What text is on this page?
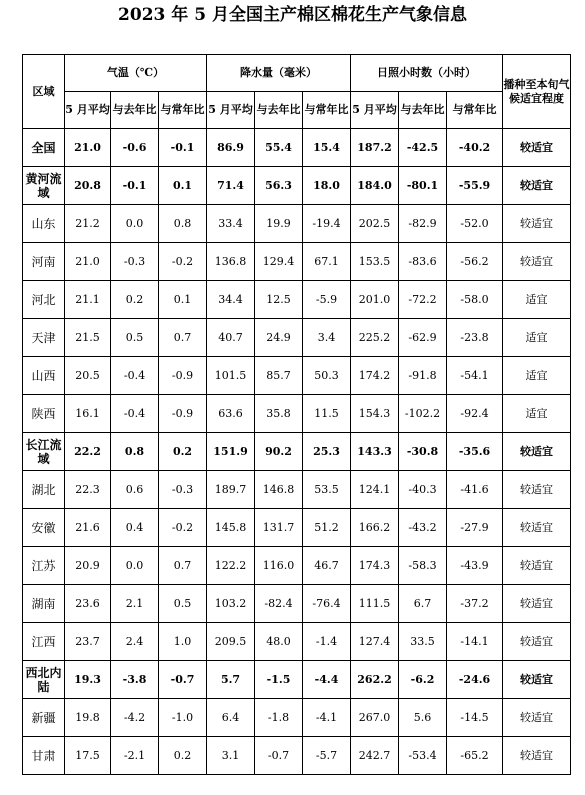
2023 年 5 月全国主产棉区棉花生产气象信息
区域	气温（℃）			降水量（毫米）			日照小时数（小时）			播种至本旬气候适宜程度
	5 月平均	与去年比	与常年比	5 月平均	与去年比	与常年比	5 月平均	与去年比	与常年比	
全国	21.0	-0.6	-0.1	86.9	55.4	15.4	187.2	-42.5	-40.2	较适宜
黄河流域	20.8	-0.1	0.1	71.4	56.3	18.0	184.0	-80.1	-55.9	较适宜
山东	21.2	0.0	0.8	33.4	19.9	-19.4	202.5	-82.9	-52.0	较适宜
河南	21.0	-0.3	-0.2	136.8	129.4	67.1	153.5	-83.6	-56.2	较适宜
河北	21.1	0.2	0.1	34.4	12.5	-5.9	201.0	-72.2	-58.0	适宜
天津	21.5	0.5	0.7	40.7	24.9	3.4	225.2	-62.9	-23.8	适宜
山西	20.5	-0.4	-0.9	101.5	85.7	50.3	174.2	-91.8	-54.1	适宜
陕西	16.1	-0.4	-0.9	63.6	35.8	11.5	154.3	-102.2	-92.4	适宜
长江流域	22.2	0.8	0.2	151.9	90.2	25.3	143.3	-30.8	-35.6	较适宜
湖北	22.3	0.6	-0.3	189.7	146.8	53.5	124.1	-40.3	-41.6	较适宜
安徽	21.6	0.4	-0.2	145.8	131.7	51.2	166.2	-43.2	-27.9	较适宜
江苏	20.9	0.0	0.7	122.2	116.0	46.7	174.3	-58.3	-43.9	较适宜
湖南	23.6	2.1	0.5	103.2	-82.4	-76.4	111.5	6.7	-37.2	较适宜
江西	23.7	2.4	1.0	209.5	48.0	-1.4	127.4	33.5	-14.1	较适宜
西北内陆	19.3	-3.8	-0.7	5.7	-1.5	-4.4	262.2	-6.2	-24.6	较适宜
新疆	19.8	-4.2	-1.0	6.4	-1.8	-4.1	267.0	5.6	-14.5	较适宜
甘肃	17.5	-2.1	0.2	3.1	-0.7	-5.7	242.7	-53.4	-65.2	较适宜
